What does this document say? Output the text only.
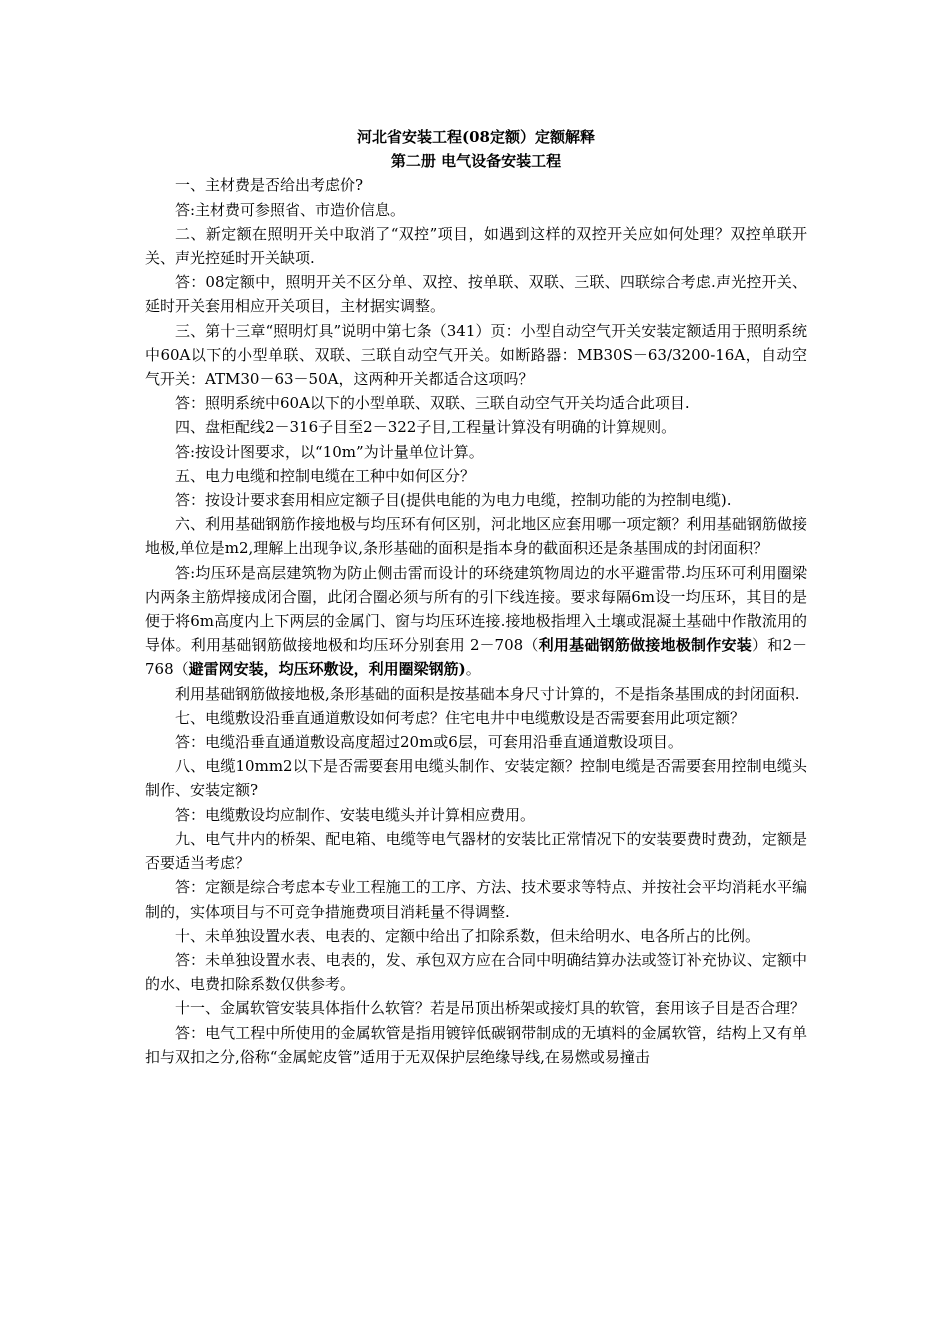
河北省安装工程(08定额）定额解释

第二册 电气设备安装工程

一、主材费是否给出考虑价?

答:主材费可参照省、市造价信息。

二、新定额在照明开关中取消了“双控”项目，如遇到这样的双控开关应如何处理？双控单联开关、声光控延时开关缺项.

答：08定额中，照明开关不区分单、双控、按单联、双联、三联、四联综合考虑.声光控开关、延时开关套用相应开关项目，主材据实调整。

三、第十三章“照明灯具”说明中第七条（341）页：小型自动空气开关安装定额适用于照明系统中60A以下的小型单联、双联、三联自动空气开关。如断路器：MB30S－63/3200-16A，自动空气开关：ATM30－63－50A，这两种开关都适合这项吗？

答：照明系统中60A以下的小型单联、双联、三联自动空气开关均适合此项目.

四、盘柜配线2－316子目至2－322子目,工程量计算没有明确的计算规则。

答:按设计图要求，以“10m”为计量单位计算。

五、电力电缆和控制电缆在工种中如何区分？

答：按设计要求套用相应定额子目(提供电能的为电力电缆，控制功能的为控制电缆).

六、利用基础钢筋作接地极与均压环有何区别，河北地区应套用哪一项定额？利用基础钢筋做接地极,单位是m2,理解上出现争议,条形基础的面积是指本身的截面积还是条基围成的封闭面积？

答:均压环是高层建筑物为防止侧击雷而设计的环绕建筑物周边的水平避雷带.均压环可利用圈梁内两条主筋焊接成闭合圈，此闭合圈必须与所有的引下线连接。要求每隔6m设一均压环，其目的是便于将6m高度内上下两层的金属门、窗与均压环连接.接地极指埋入土壤或混凝土基础中作散流用的导体。利用基础钢筋做接地极和均压环分别套用 2－708（利用基础钢筋做接地极制作安装）和2－768（避雷网安装，均压环敷设，利用圈梁钢筋)。

利用基础钢筋做接地极,条形基础的面积是按基础本身尺寸计算的，不是指条基围成的封闭面积.

七、电缆敷设沿垂直通道敷设如何考虑？住宅电井中电缆敷设是否需要套用此项定额？

答：电缆沿垂直通道敷设高度超过20m或6层，可套用沿垂直通道敷设项目。

八、电缆10mm2以下是否需要套用电缆头制作、安装定额？控制电缆是否需要套用控制电缆头制作、安装定额?

答：电缆敷设均应制作、安装电缆头并计算相应费用。

九、电气井内的桥架、配电箱、电缆等电气器材的安装比正常情况下的安装要费时费劲，定额是否要适当考虑？

答：定额是综合考虑本专业工程施工的工序、方法、技术要求等特点、并按社会平均消耗水平编制的，实体项目与不可竞争措施费项目消耗量不得调整.

十、未单独设置水表、电表的、定额中给出了扣除系数，但未给明水、电各所占的比例。

答：未单独设置水表、电表的，发、承包双方应在合同中明确结算办法或签订补充协议、定额中的水、电费扣除系数仅供参考。

十一、金属软管安装具体指什么软管？若是吊顶出桥架或接灯具的软管，套用该子目是否合理？

答：电气工程中所使用的金属软管是指用镀锌低碳钢带制成的无填料的金属软管，结构上又有单扣与双扣之分,俗称“金属蛇皮管”适用于无双保护层绝缘导线,在易燃或易撞击
